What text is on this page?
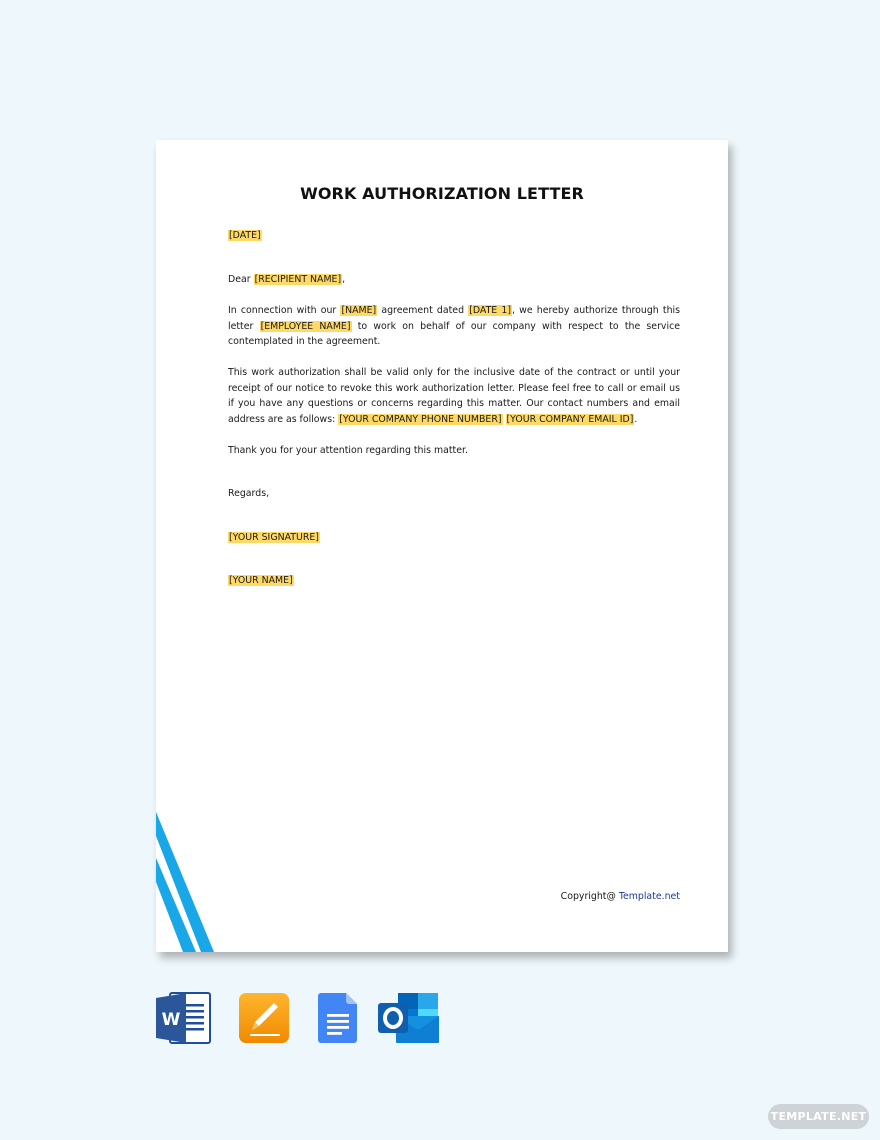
WORK AUTHORIZATION LETTER
[DATE]
Dear [RECIPIENT NAME],
In connection with our [NAME] agreement dated [DATE 1], we hereby authorize through this letter [EMPLOYEE NAME] to work on behalf of our company with respect to the service contemplated in the agreement.
This work authorization shall be valid only for the inclusive date of the contract or until your receipt of our notice to revoke this work authorization letter. Please feel free to call or email us if you have any questions or concerns regarding this matter. Our contact numbers and email address are as follows: [YOUR COMPANY PHONE NUMBER] [YOUR COMPANY EMAIL ID].
Thank you for your attention regarding this matter.
Regards,
[YOUR SIGNATURE]
[YOUR NAME]
Copyright@ Template.net
W
TEMPLATE.NET
